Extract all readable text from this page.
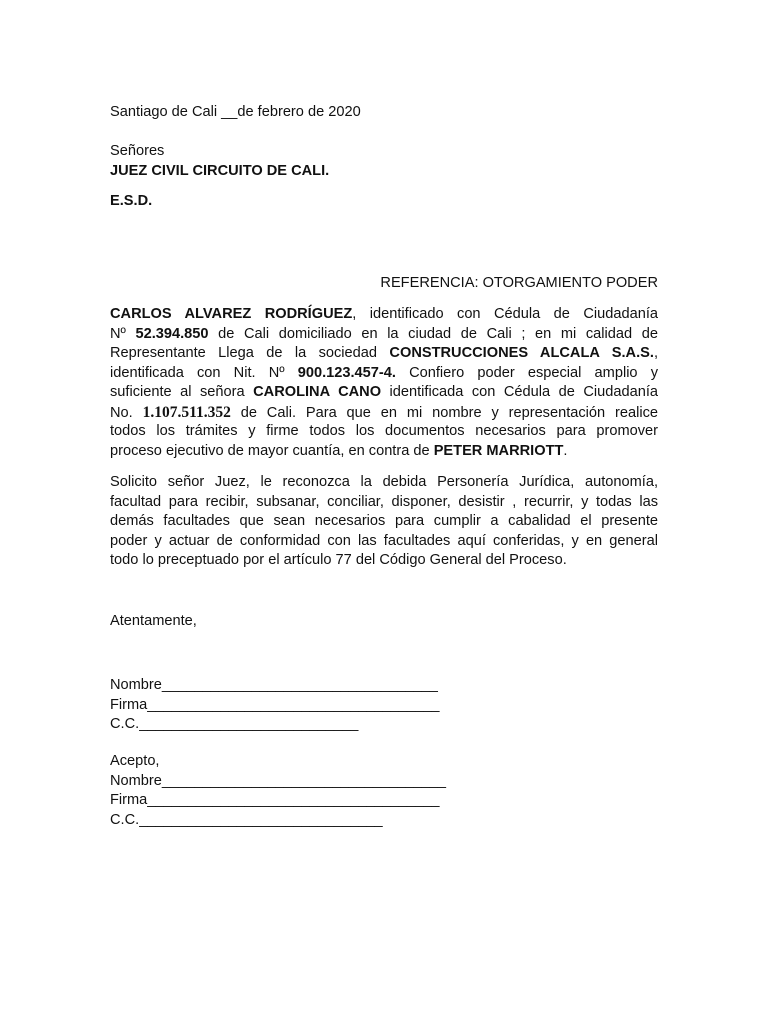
Santiago de Cali __de febrero de 2020
Señores
JUEZ CIVIL CIRCUITO DE CALI.
E.S.D.
REFERENCIA: OTORGAMIENTO PODER
CARLOS ALVAREZ RODRÍGUEZ, identificado con Cédula de Ciudadanía
Nº 52.394.850 de Cali domiciliado en la ciudad de Cali ; en mi calidad de
Representante Llega de la sociedad CONSTRUCCIONES ALCALA S.A.S.,
identificada con Nit. Nº 900.123.457-4. Confiero poder especial amplio y
suficiente al señora CAROLINA CANO identificada con Cédula de Ciudadanía
No. 1.107.511.352 de Cali. Para que en mi nombre y representación realice
todos los trámites y firme todos los documentos necesarios para promover
proceso ejecutivo de mayor cuantía, en contra de PETER MARRIOTT.
Solicito señor Juez, le reconozca la debida Personería Jurídica, autonomía,
facultad para recibir, subsanar, conciliar, disponer, desistir , recurrir, y todas las
demás facultades que sean necesarios para cumplir a cabalidad el presente
poder y actuar de conformidad con las facultades aquí conferidas, y en general
todo lo preceptuado por el artículo 77 del Código General del Proceso.
Atentamente,
Nombre__________________________________
Firma____________________________________
C.C.___________________________
Acepto,
Nombre___________________________________
Firma____________________________________
C.C.______________________________
